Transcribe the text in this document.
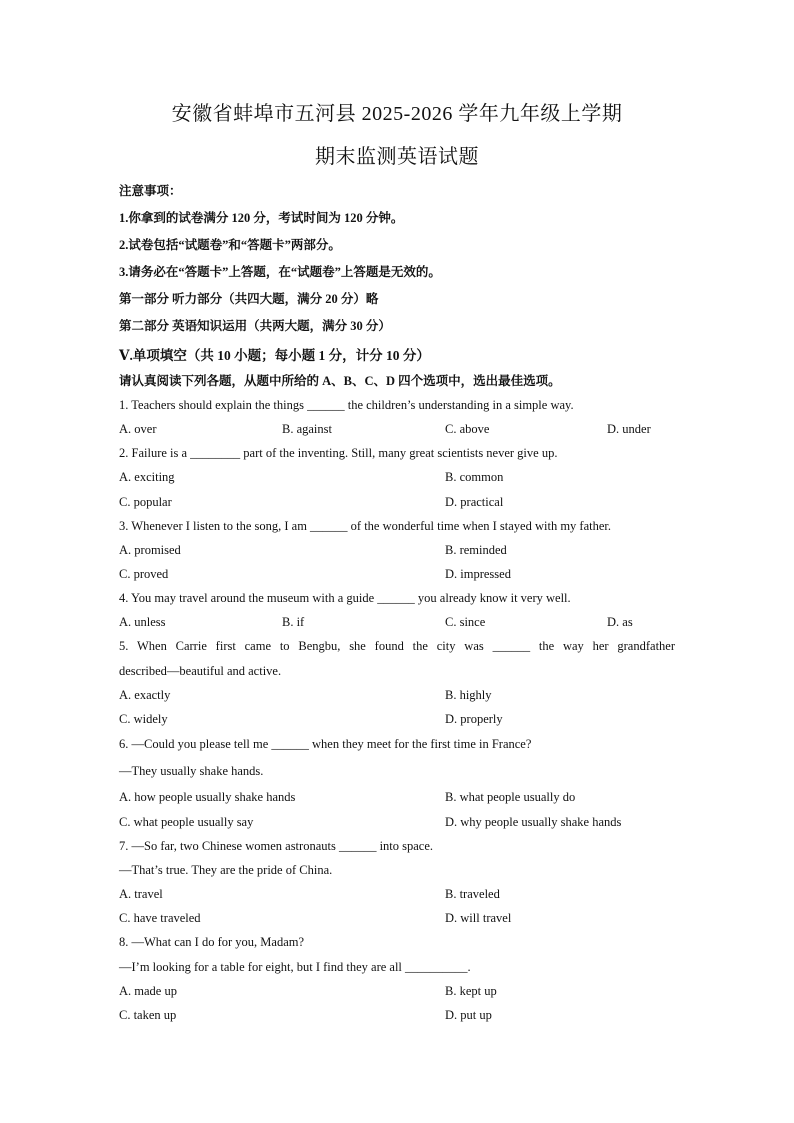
安徽省蚌埠市五河县 2025-2026 学年九年级上学期
期末监测英语试题
注意事项：
1.你拿到的试卷满分 120 分，考试时间为 120 分钟。
2.试卷包括“试题卷”和“答题卡”两部分。
3.请务必在“答题卡”上答题，在“试题卷”上答题是无效的。
第一部分 听力部分（共四大题，满分 20 分）略
第二部分 英语知识运用（共两大题，满分 30 分）
Ⅴ.单项填空（共 10 小题；每小题 1 分，计分 10 分）
请认真阅读下列各题，从题中所给的 A、B、C、D 四个选项中，选出最佳选项。
1. Teachers should explain the things ______ the children’s understanding in a simple way.
A. over	B. against	C. above	D. under
2. Failure is a ________ part of the inventing. Still, many great scientists never give up.
A. exciting	B. common
C. popular	D. practical
3. Whenever I listen to the song, I am ______ of the wonderful time when I stayed with my father.
A. promised	B. reminded
C. proved	D. impressed
4. You may travel around the museum with a guide ______ you already know it very well.
A. unless	B. if	C. since	D. as
5. When Carrie first came to Bengbu, she found the city was ______ the way her grandfather
described—beautiful and active.
A. exactly	B. highly
C. widely	D. properly
6. —Could you please tell me ______ when they meet for the first time in France?
—They usually shake hands.
A. how people usually shake hands	B. what people usually do
C. what people usually say	D. why people usually shake hands
7. —So far, two Chinese women astronauts ______ into space.
—That’s true. They are the pride of China.
A. travel	B. traveled
C. have traveled	D. will travel
8. —What can I do for you, Madam?
—I’m looking for a table for eight, but I find they are all __________.
A. made up	B. kept up
C. taken up	D. put up
